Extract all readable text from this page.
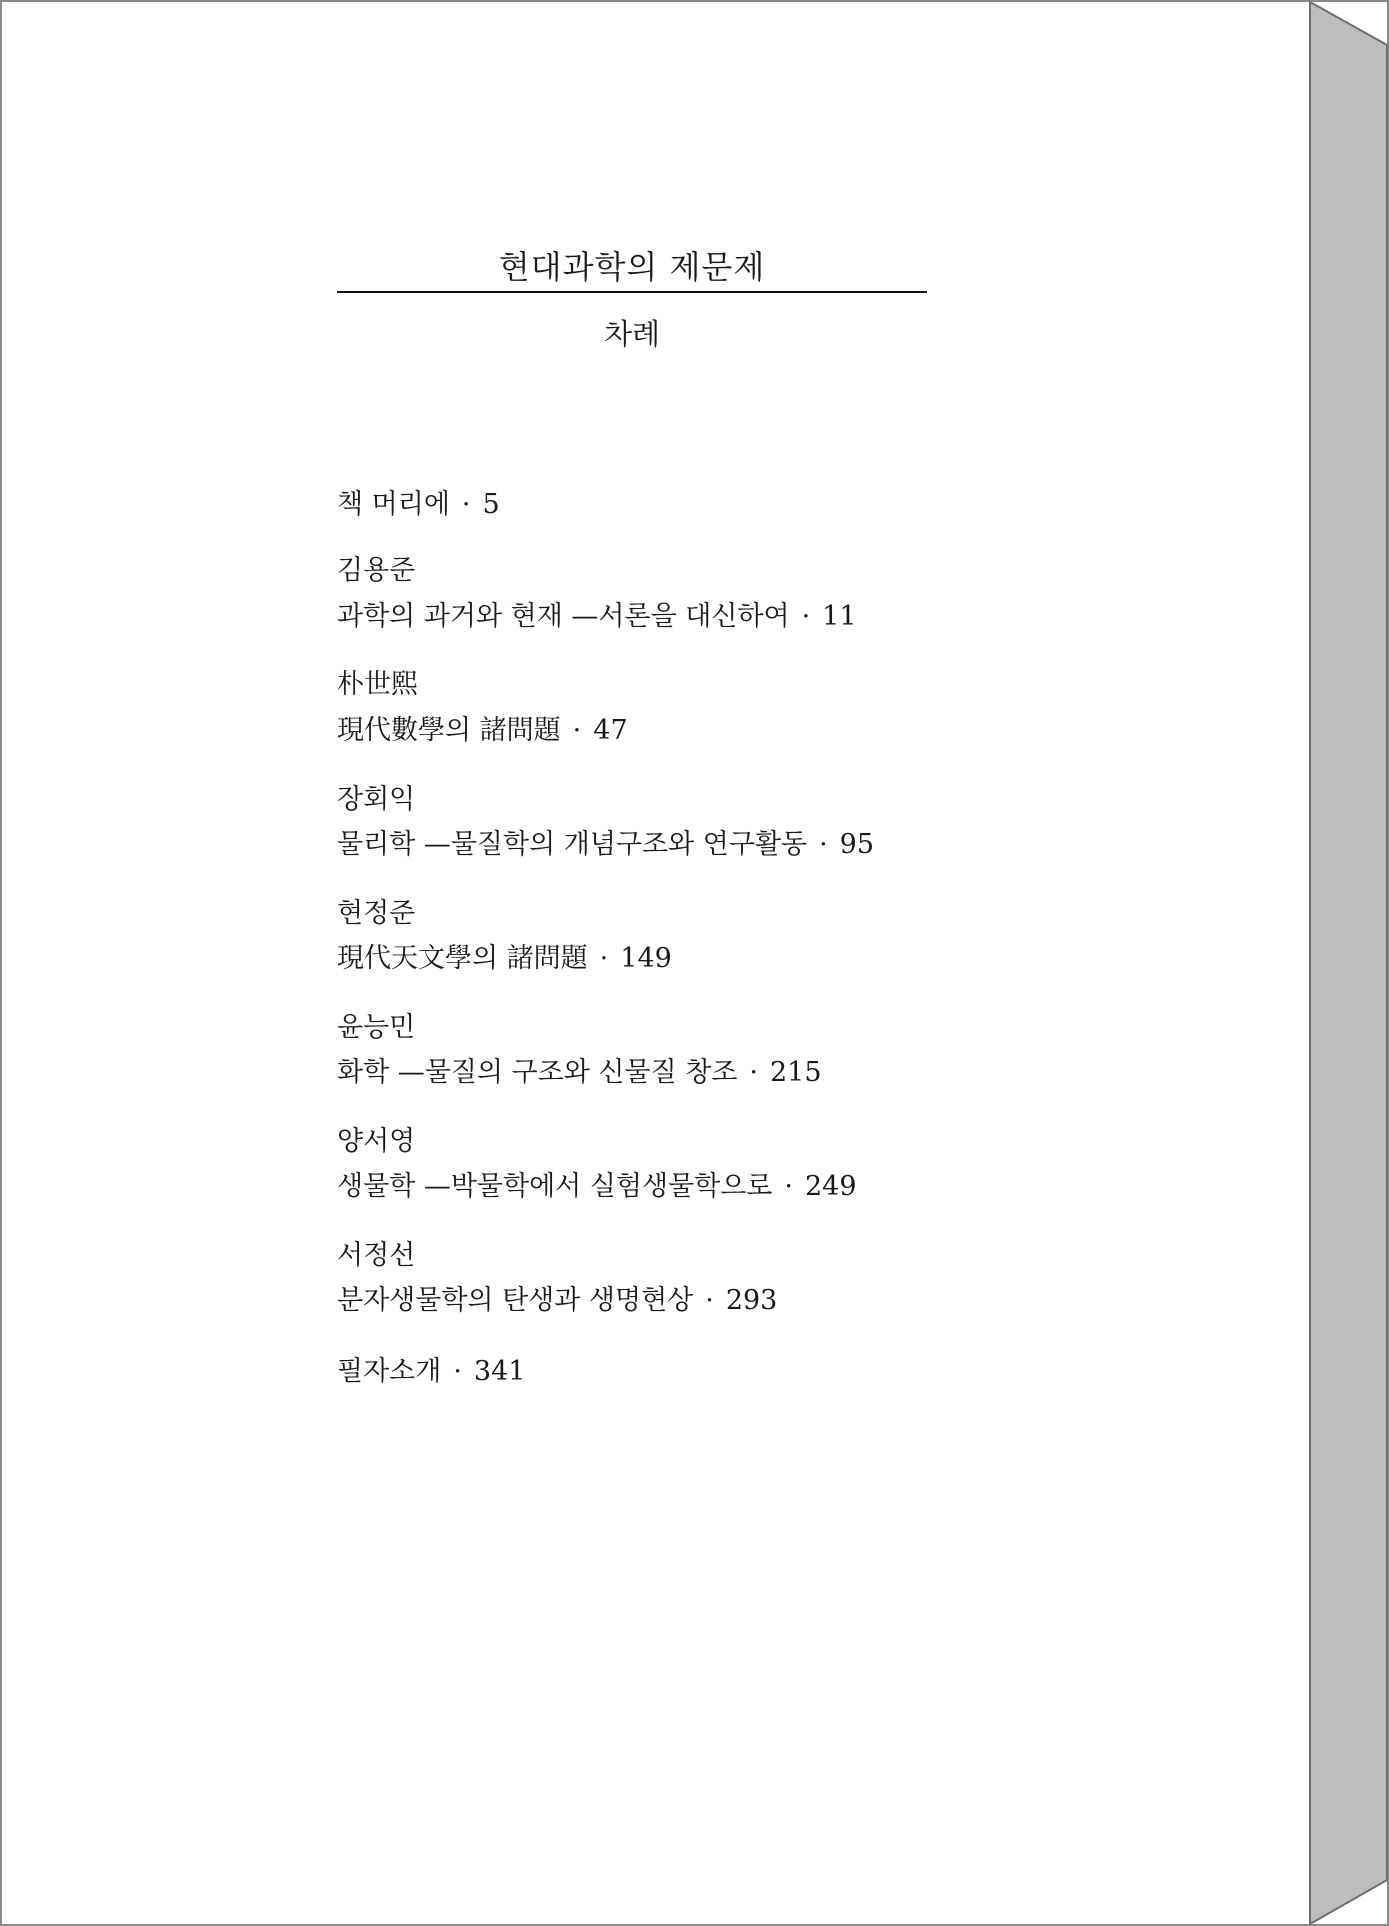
현대과학의 제문제
차례
책 머리에 · 5
김용준
과학의 과거와 현재 —서론을 대신하여 · 11
朴世熙
現代數學의 諸問題 · 47
장회익
물리학 —물질학의 개념구조와 연구활동 · 95
현정준
現代天文學의 諸問題 · 149
윤능민
화학 —물질의 구조와 신물질 창조 · 215
양서영
생물학 —박물학에서 실험생물학으로 · 249
서정선
분자생물학의 탄생과 생명현상 · 293
필자소개 · 341
